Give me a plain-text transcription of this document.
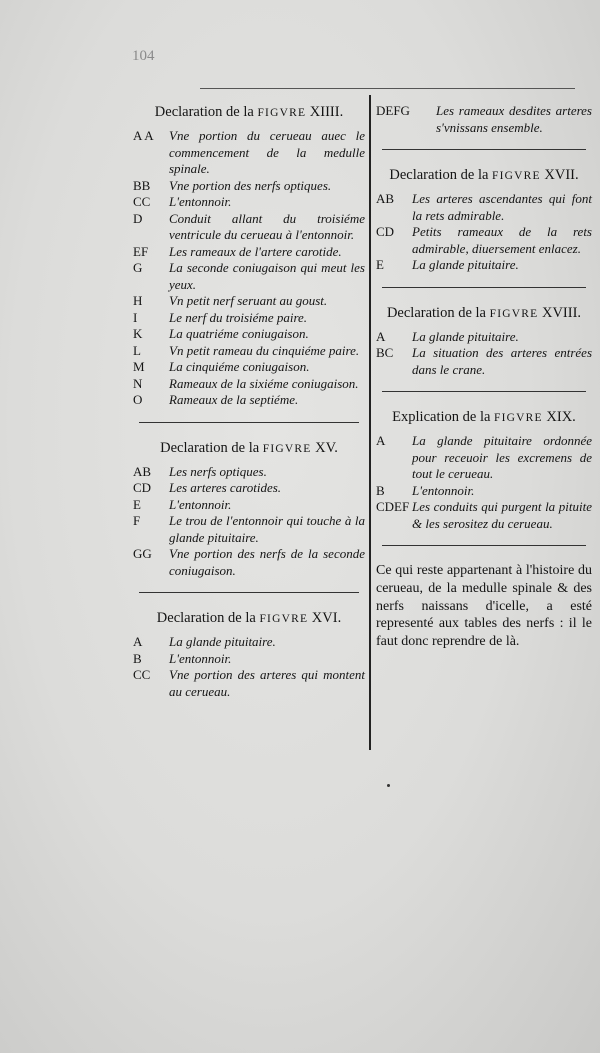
104

Declaration de la FIGVRE XIIII.

A A	Vne portion du cerueau auec le commencement de la medulle spinale.
BB	Vne portion des nerfs optiques.
CC	L'entonnoir.
D	Conduit allant du troisiéme ventricule du cerueau à l'entonnoir.
EF	Les rameaux de l'artere carotide.
G	La seconde coniugaison qui meut les yeux.
H	Vn petit nerf seruant au goust.
I	Le nerf du troisiéme paire.
K	La quatriéme coniugaison.
L	Vn petit rameau du cinquiéme paire.
M	La cinquiéme coniugaison.
N	Rameaux de la sixiéme coniugaison.
O	Rameaux de la septiéme.

Declaration de la FIGVRE XV.

AB	Les nerfs optiques.
CD	Les arteres carotides.
E	L'entonnoir.
F	Le trou de l'entonnoir qui touche à la glande pituitaire.
GG	Vne portion des nerfs de la seconde coniugaison.

Declaration de la FIGVRE XVI.

A	La glande pituitaire.
B	L'entonnoir.
CC	Vne portion des arteres qui montent au cerueau.
DEFG	Les rameaux desdites arteres s'vnissans ensemble.

Declaration de la FIGVRE XVII.

AB	Les arteres ascendantes qui font la rets admirable.
CD	Petits rameaux de la rets admirable, diuersement enlacez.
E	La glande pituitaire.

Declaration de la FIGVRE XVIII.

A	La glande pituitaire.
BC	La situation des arteres entrées dans le crane.

Explication de la FIGVRE XIX.

A	La glande pituitaire ordonnée pour receuoir les excremens de tout le cerueau.
B	L'entonnoir.
CDEF Les conduits qui purgent la pituite & les serositez du cerueau.

Ce qui reste appartenant à l'histoire du cerueau, de la medulle spinale & des nerfs naissans d'icelle, a esté representé aux tables des nerfs : il le faut donc reprendre de là.
